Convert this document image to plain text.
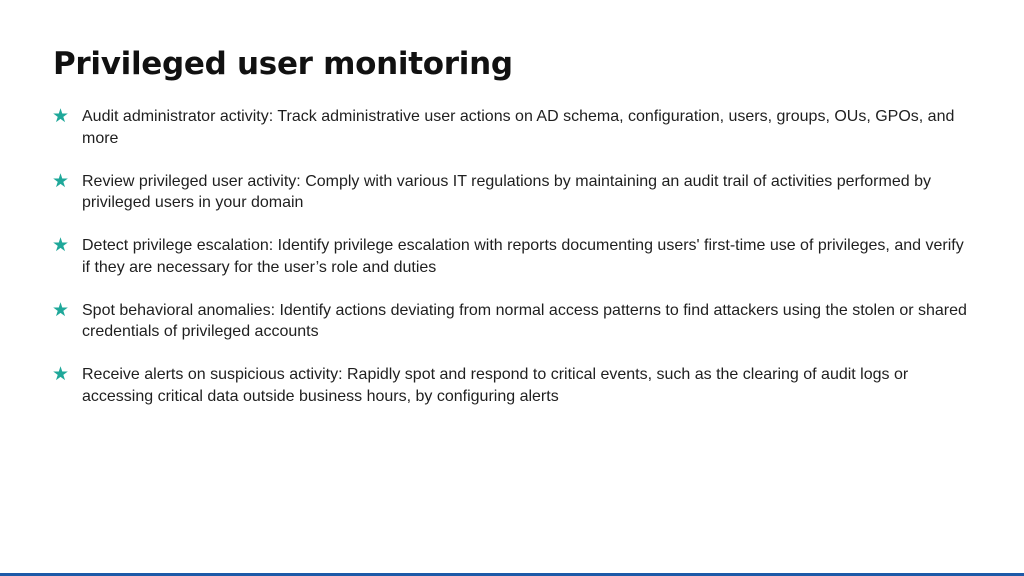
Privileged user monitoring
★ Audit administrator activity: Track administrative user actions on AD schema, configuration, users, groups, OUs, GPOs, and more
★ Review privileged user activity: Comply with various IT regulations by maintaining an audit trail of activities performed by privileged users in your domain
★ Detect privilege escalation: Identify privilege escalation with reports documenting users' first-time use of privileges, and verify if they are necessary for the user’s role and duties
★ Spot behavioral anomalies: Identify actions deviating from normal access patterns to find attackers using the stolen or shared credentials of privileged accounts
★ Receive alerts on suspicious activity: Rapidly spot and respond to critical events, such as the clearing of audit logs or accessing critical data outside business hours, by configuring alerts
